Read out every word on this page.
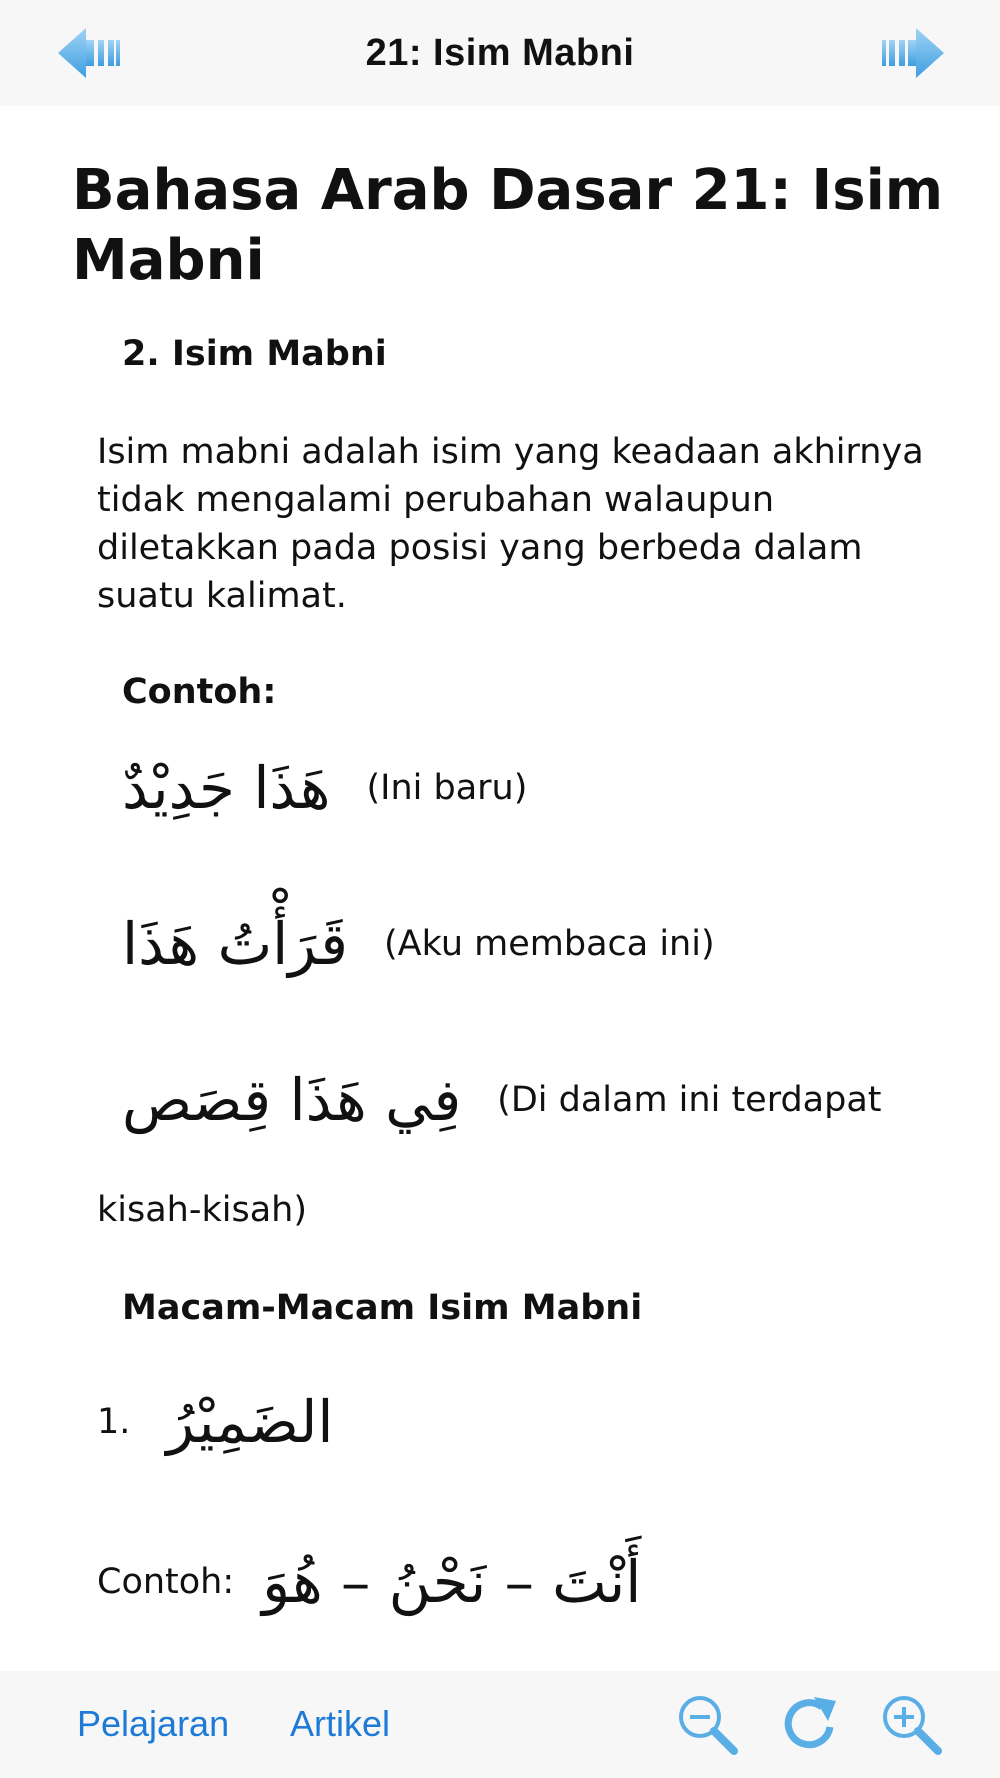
21: Isim Mabni
Bahasa Arab Dasar 21: Isim Mabni
2. Isim Mabni
Isim mabni adalah isim yang keadaan akhirnya tidak mengalami perubahan walaupun diletakkan pada posisi yang berbeda dalam suatu kalimat.
Contoh:
هَذَا جَدِيْدٌ (Ini baru)
قَرَأْتُ هَذَا (Aku membaca ini)
فِي هَذَا قِصَص (Di dalam ini terdapat
kisah-kisah)
Macam-Macam Isim Mabni
1. الضَمِيْرُ
Contoh: أَنْتَ – نَحْنُ – هُوَ
Pelajaran Artikel
